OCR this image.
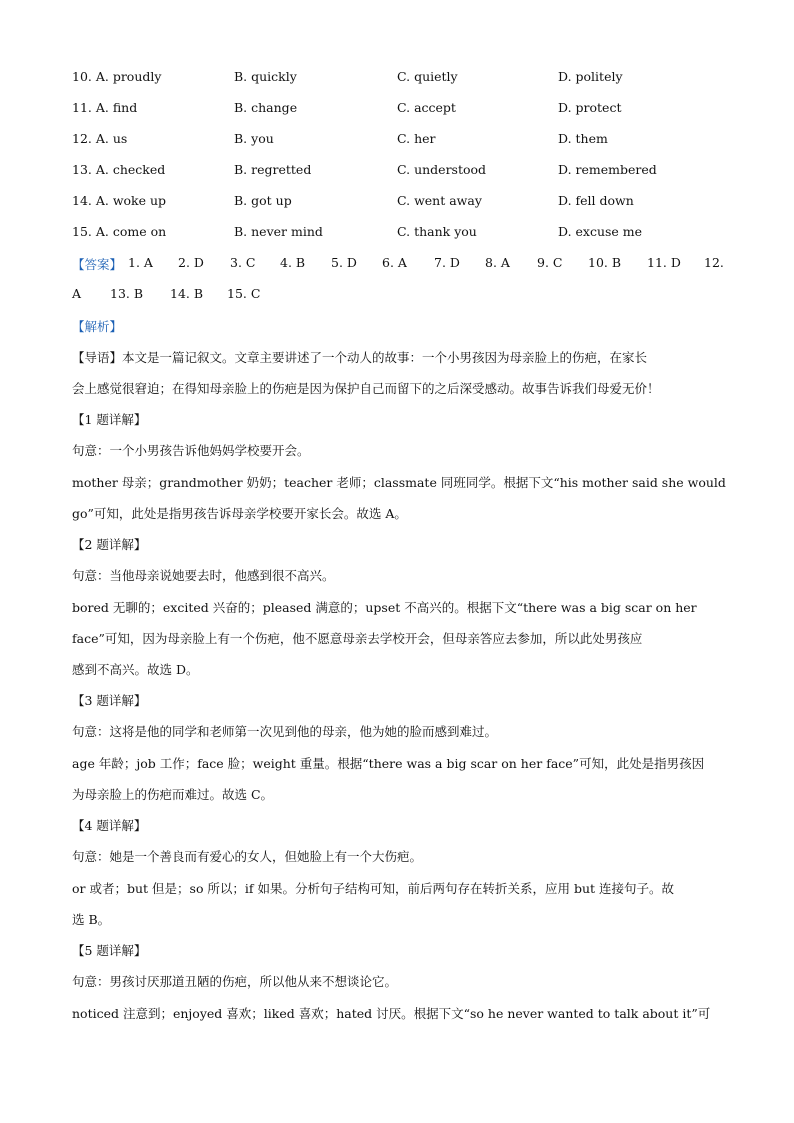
10. A. proudly	B. quickly	C. quietly	D. politely
11. A. find	B. change	C. accept	D. protect
12. A. us	B. you	C. her	D. them
13. A. checked	B. regretted	C. understood	D. remembered
14. A. woke up	B. got up	C. went away	D. fell down
15. A. come on	B. never mind	C. thank you	D. excuse me
【答案】 1. A 2. D 3. C 4. B 5. D 6. A 7. D 8. A 9. C 10. B 11. D 12.
A 13. B 14. B 15. C
【解析】
【导语】本文是一篇记叙文。文章主要讲述了一个动人的故事：一个小男孩因为母亲脸上的伤疤，在家长
会上感觉很窘迫；在得知母亲脸上的伤疤是因为保护自己而留下的之后深受感动。故事告诉我们母爱无价！
【1 题详解】
句意：一个小男孩告诉他妈妈学校要开会。
mother 母亲；grandmother 奶奶；teacher 老师；classmate 同班同学。根据下文“his mother said she would
go”可知，此处是指男孩告诉母亲学校要开家长会。故选 A。
【2 题详解】
句意：当他母亲说她要去时，他感到很不高兴。
bored 无聊的；excited 兴奋的；pleased 满意的；upset 不高兴的。根据下文“there was a big scar on her
face”可知，因为母亲脸上有一个伤疤，他不愿意母亲去学校开会，但母亲答应去参加，所以此处男孩应
感到不高兴。故选 D。
【3 题详解】
句意：这将是他的同学和老师第一次见到他的母亲，他为她的脸而感到难过。
age 年龄；job 工作；face 脸；weight 重量。根据“there was a big scar on her face”可知，此处是指男孩因
为母亲脸上的伤疤而难过。故选 C。
【4 题详解】
句意：她是一个善良而有爱心的女人，但她脸上有一个大伤疤。
or 或者；but 但是；so 所以；if 如果。分析句子结构可知，前后两句存在转折关系，应用 but 连接句子。故
选 B。
【5 题详解】
句意：男孩讨厌那道丑陋的伤疤，所以他从来不想谈论它。
noticed 注意到；enjoyed 喜欢；liked 喜欢；hated 讨厌。根据下文“so he never wanted to talk about it”可
